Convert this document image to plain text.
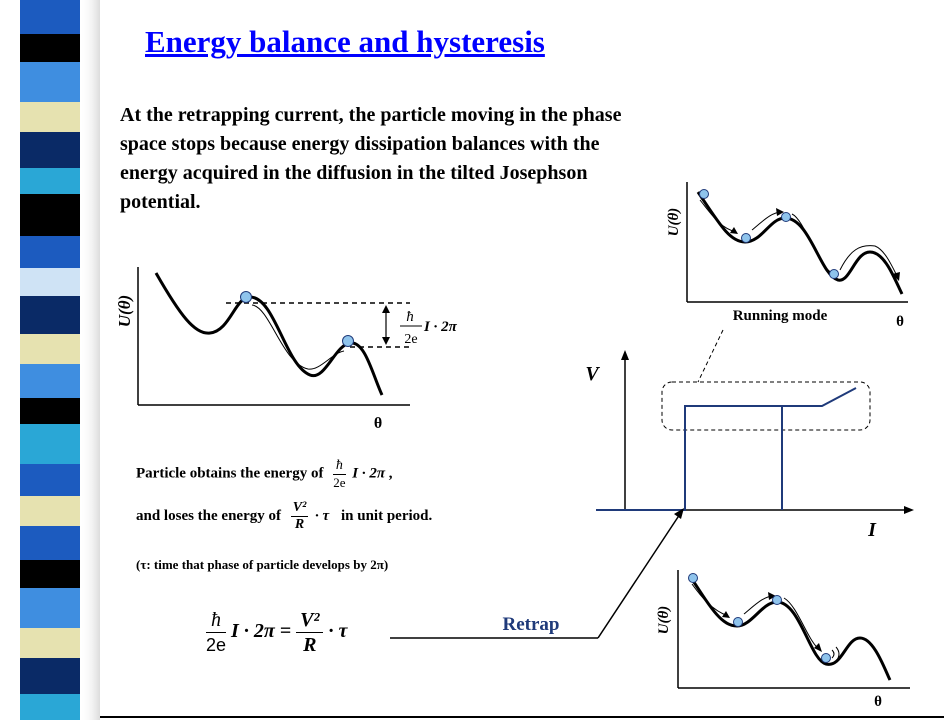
Energy balance and hysteresis
At the retrapping current, the particle moving in the phase space stops because energy dissipation balances with the energy acquired in the diffusion in the tilted Josephson potential.
U(θ)	ħ
2e
I · 2π
θ
Particle obtains the energy of $\frac{ħ}{2e}$ I · 2π ,
and loses the energy of $\frac{\text{V²}}{R} \cdot \tau$ in unit period.
(τ: time that phase of particle develops by 2π)
$\frac{ħ}{2e}$ $I \cdot 2\pi = \frac{\text{V²}}{R} \cdot \tau$
U(θ)
Running mode	θ
V
I
Retrap	U(θ)
θ
